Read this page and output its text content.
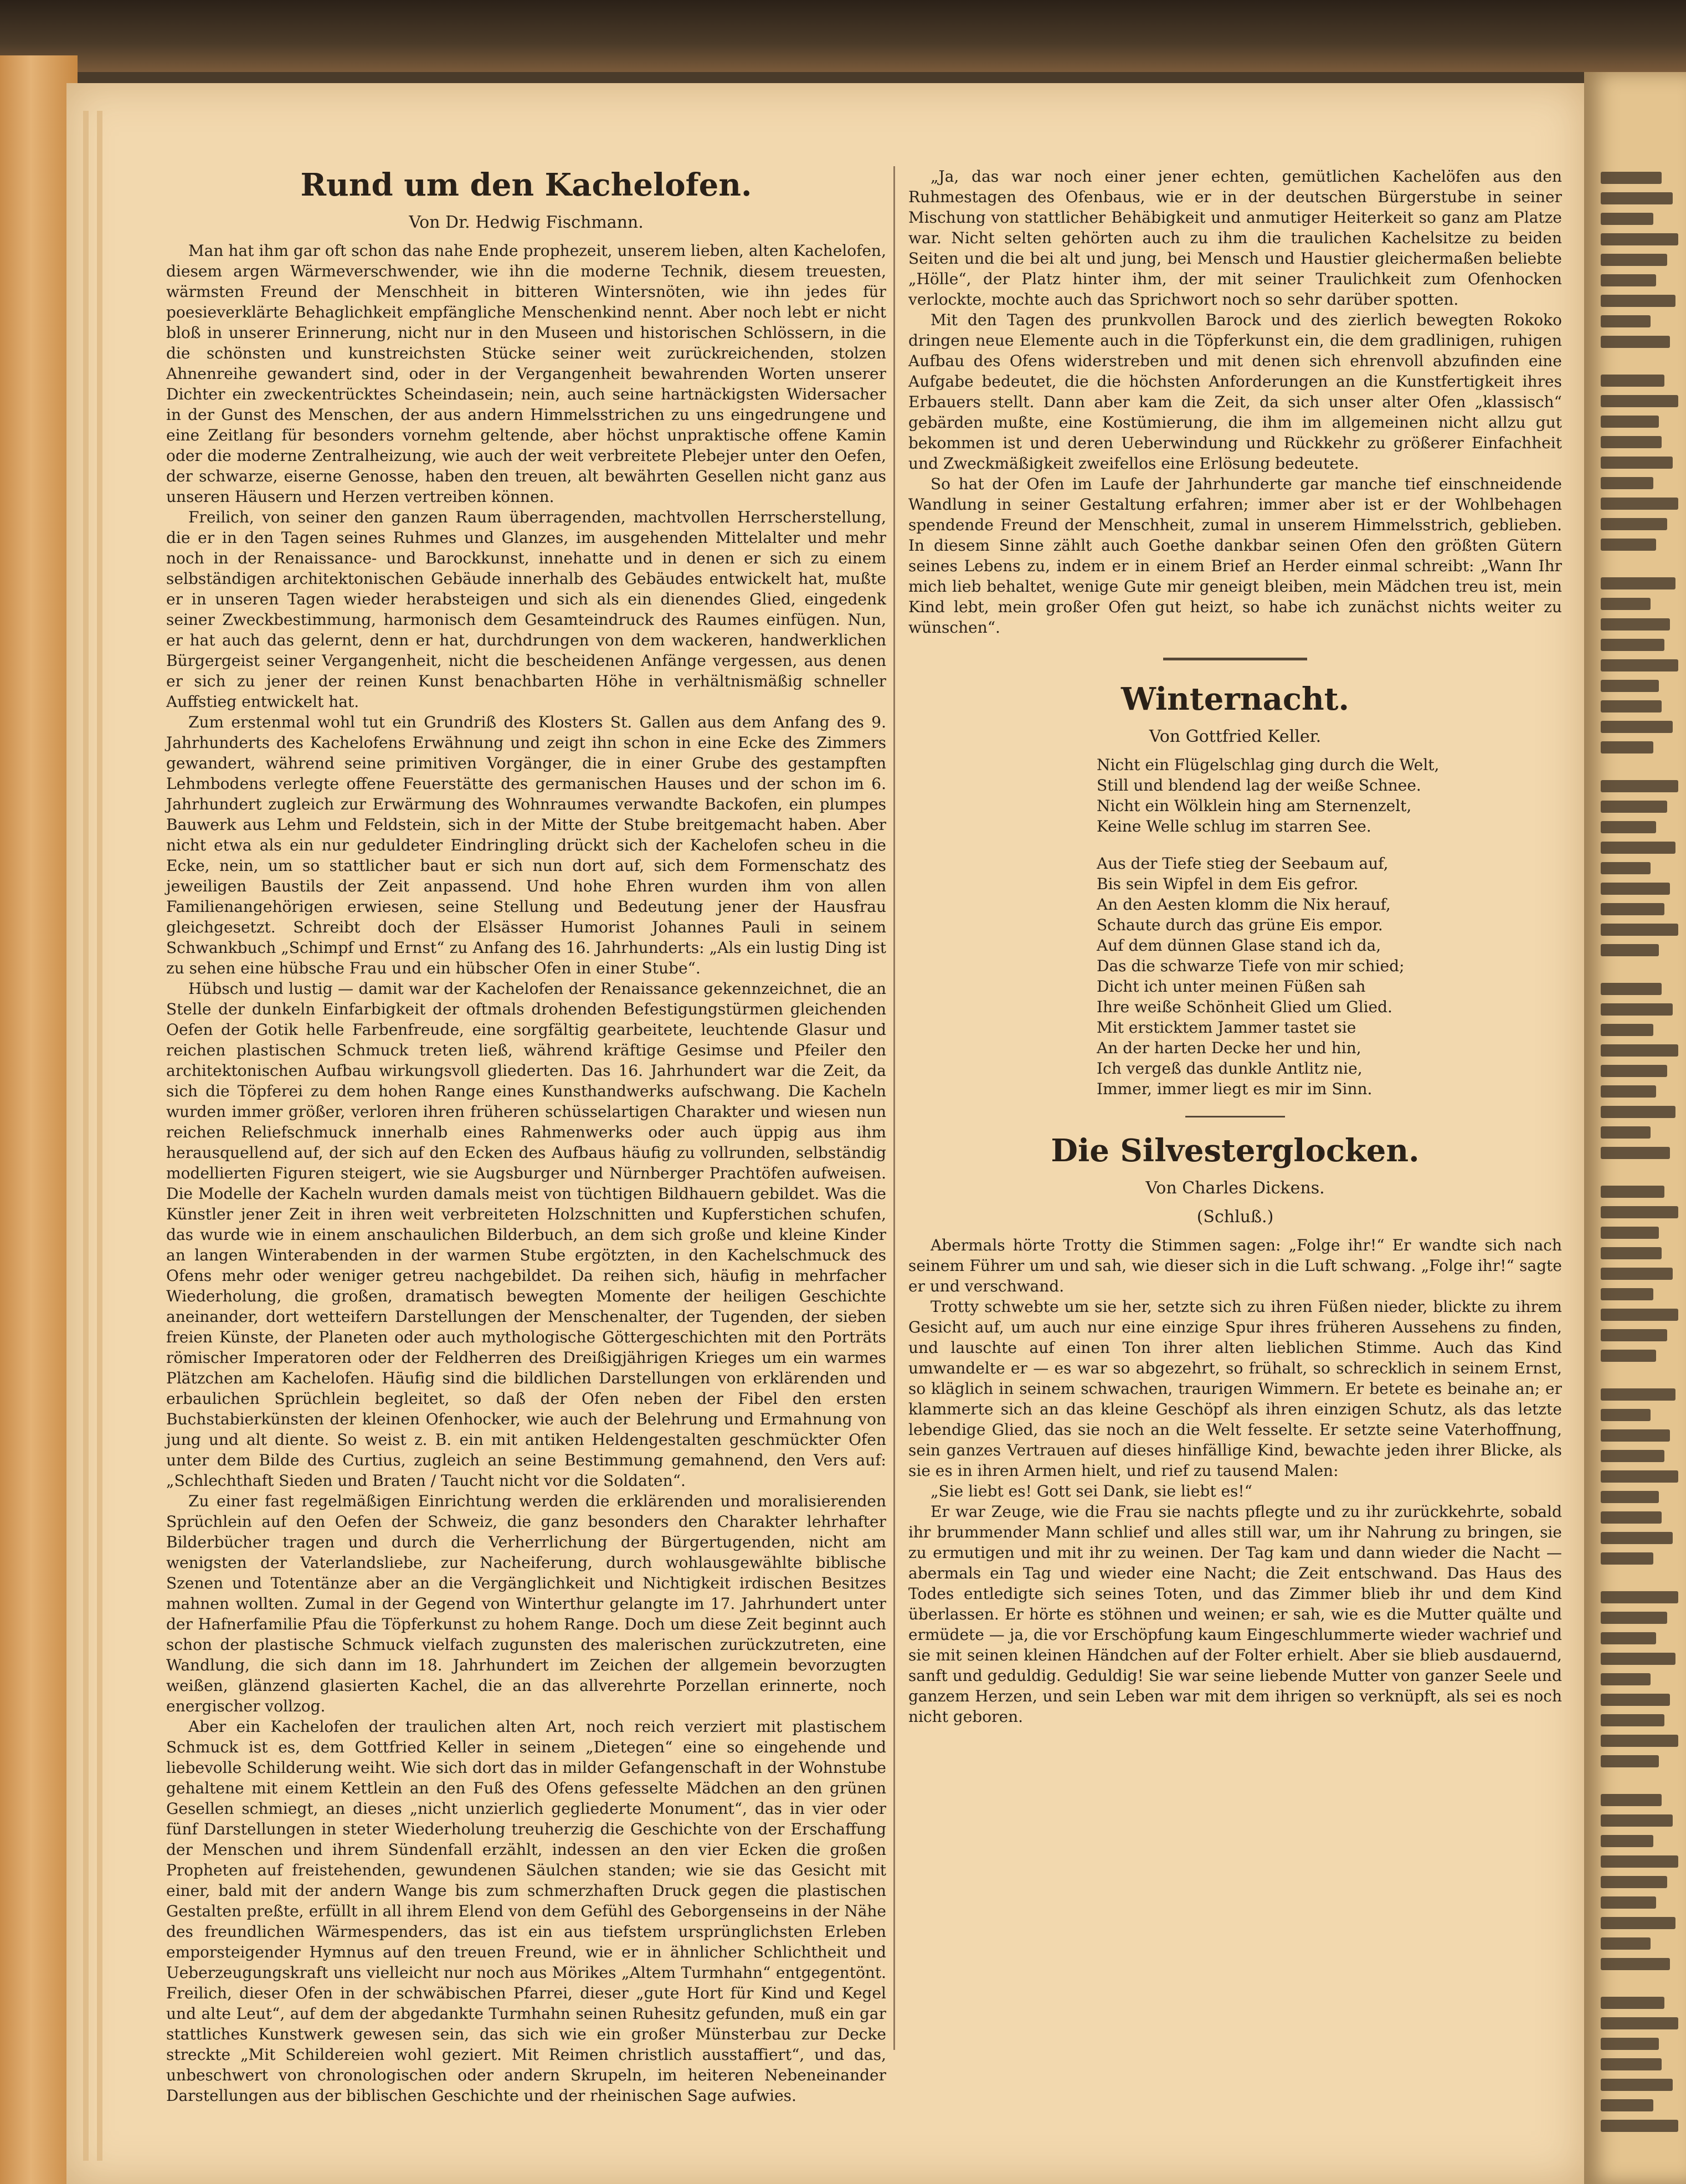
Rund um den Kachelofen.
Von Dr. Hedwig Fischmann.

Man hat ihm gar oft schon das nahe Ende prophezeit, unserem lieben, alten Kachelofen, diesem argen Wärmeverschwender, wie ihn die moderne Technik, diesem treuesten, wärmsten Freund der Menschheit in bitteren Wintersnöten, wie ihn jedes für poesieverklärte Behaglichkeit empfängliche Menschenkind nennt. Aber noch lebt er nicht bloß in unserer Erinnerung, nicht nur in den Museen und historischen Schlössern, in die die schönsten und kunstreichsten Stücke seiner weit zurückreichenden, stolzen Ahnenreihe gewandert sind, oder in der Vergangenheit bewahrenden Worten unserer Dichter ein zweckentrücktes Scheindasein; nein, auch seine hartnäckigsten Widersacher in der Gunst des Menschen, der aus andern Himmelsstrichen zu uns eingedrungene und eine Zeitlang für besonders vornehm geltende, aber höchst unpraktische offene Kamin oder die moderne Zentralheizung, wie auch der weit verbreitete Plebejer unter den Oefen, der schwarze, eiserne Genosse, haben den treuen, alt bewährten Gesellen nicht ganz aus unseren Häusern und Herzen vertreiben können.

Freilich, von seiner den ganzen Raum überragenden, machtvollen Herrscherstellung, die er in den Tagen seines Ruhmes und Glanzes, im ausgehenden Mittelalter und mehr noch in der Renaissance- und Barockkunst, innehatte und in denen er sich zu einem selbständigen architektonischen Gebäude innerhalb des Gebäudes entwickelt hat, mußte er in unseren Tagen wieder herabsteigen und sich als ein dienendes Glied, eingedenk seiner Zweckbestimmung, harmonisch dem Gesamteindruck des Raumes einfügen. Nun, er hat auch das gelernt, denn er hat, durchdrungen von dem wackeren, handwerklichen Bürgergeist seiner Vergangenheit, nicht die bescheidenen Anfänge vergessen, aus denen er sich zu jener der reinen Kunst benachbarten Höhe in verhältnismäßig schneller Auffstieg entwickelt hat.

Zum erstenmal wohl tut ein Grundriß des Klosters St. Gallen aus dem Anfang des 9. Jahrhunderts des Kachelofens Erwähnung und zeigt ihn schon in eine Ecke des Zimmers gewandert, während seine primitiven Vorgänger, die in einer Grube des gestampften Lehmbodens verlegte offene Feuerstätte des germanischen Hauses und der schon im 6. Jahrhundert zugleich zur Erwärmung des Wohnraumes verwandte Backofen, ein plumpes Bauwerk aus Lehm und Feldstein, sich in der Mitte der Stube breitgemacht haben. Aber nicht etwa als ein nur geduldeter Eindringling drückt sich der Kachelofen scheu in die Ecke, nein, um so stattlicher baut er sich nun dort auf, sich dem Formenschatz des jeweiligen Baustils der Zeit anpassend. Und hohe Ehren wurden ihm von allen Familienangehörigen erwiesen, seine Stellung und Bedeutung jener der Hausfrau gleichgesetzt. Schreibt doch der Elsässer Humorist Johannes Pauli in seinem Schwankbuch „Schimpf und Ernst“ zu Anfang des 16. Jahrhunderts: „Als ein lustig Ding ist zu sehen eine hübsche Frau und ein hübscher Ofen in einer Stube“.

Hübsch und lustig — damit war der Kachelofen der Renaissance gekennzeichnet, die an Stelle der dunkeln Einfarbigkeit der oftmals drohenden Befestigungstürmen gleichenden Oefen der Gotik helle Farbenfreude, eine sorgfältig gearbeitete, leuchtende Glasur und reichen plastischen Schmuck treten ließ, während kräftige Gesimse und Pfeiler den architektonischen Aufbau wirkungsvoll gliederten. Das 16. Jahrhundert war die Zeit, da sich die Töpferei zu dem hohen Range eines Kunsthandwerks aufschwang. Die Kacheln wurden immer größer, verloren ihren früheren schüsselartigen Charakter und wiesen nun reichen Reliefschmuck innerhalb eines Rahmenwerks oder auch üppig aus ihm herausquellend auf, der sich auf den Ecken des Aufbaus häufig zu vollrunden, selbständig modellierten Figuren steigert, wie sie Augsburger und Nürnberger Prachtöfen aufweisen. Die Modelle der Kacheln wurden damals meist von tüchtigen Bildhauern gebildet. Was die Künstler jener Zeit in ihren weit verbreiteten Holzschnitten und Kupferstichen schufen, das wurde wie in einem anschaulichen Bilderbuch, an dem sich große und kleine Kinder an langen Winterabenden in der warmen Stube ergötzten, in den Kachelschmuck des Ofens mehr oder weniger getreu nachgebildet. Da reihen sich, häufig in mehrfacher Wiederholung, die großen, dramatisch bewegten Momente der heiligen Geschichte aneinander, dort wetteifern Darstellungen der Menschenalter, der Tugenden, der sieben freien Künste, der Planeten oder auch mythologische Göttergeschichten mit den Porträts römischer Imperatoren oder der Feldherren des Dreißigjährigen Krieges um ein warmes Plätzchen am Kachelofen. Häufig sind die bildlichen Darstellungen von erklärenden und erbaulichen Sprüchlein begleitet, so daß der Ofen neben der Fibel den ersten Buchstabierkünsten der kleinen Ofenhocker, wie auch der Belehrung und Ermahnung von jung und alt diente. So weist z. B. ein mit antiken Heldengestalten geschmückter Ofen unter dem Bilde des Curtius, zugleich an seine Bestimmung gemahnend, den Vers auf: „Schlechthaft Sieden und Braten / Taucht nicht vor die Soldaten“.

Zu einer fast regelmäßigen Einrichtung werden die erklärenden und moralisierenden Sprüchlein auf den Oefen der Schweiz, die ganz besonders den Charakter lehrhafter Bilderbücher tragen und durch die Verherrlichung der Bürgertugenden, nicht am wenigsten der Vaterlandsliebe, zur Nacheiferung, durch wohlausgewählte biblische Szenen und Totentänze aber an die Vergänglichkeit und Nichtigkeit irdischen Besitzes mahnen wollten. Zumal in der Gegend von Winterthur gelangte im 17. Jahrhundert unter der Hafnerfamilie Pfau die Töpferkunst zu hohem Range. Doch um diese Zeit beginnt auch schon der plastische Schmuck vielfach zugunsten des malerischen zurückzutreten, eine Wandlung, die sich dann im 18. Jahrhundert im Zeichen der allgemein bevorzugten weißen, glänzend glasierten Kachel, die an das allverehrte Porzellan erinnerte, noch energischer vollzog.

Aber ein Kachelofen der traulichen alten Art, noch reich verziert mit plastischem Schmuck ist es, dem Gottfried Keller in seinem „Dietegen“ eine so eingehende und liebevolle Schilderung weiht. Wie sich dort das in milder Gefangenschaft in der Wohnstube gehaltene mit einem Kettlein an den Fuß des Ofens gefesselte Mädchen an den grünen Gesellen schmiegt, an dieses „nicht unzierlich gegliederte Monument“, das in vier oder fünf Darstellungen in steter Wiederholung treuherzig die Geschichte von der Erschaffung der Menschen und ihrem Sündenfall erzählt, indessen an den vier Ecken die großen Propheten auf freistehenden, gewundenen Säulchen standen; wie sie das Gesicht mit einer, bald mit der andern Wange bis zum schmerzhaften Druck gegen die plastischen Gestalten preßte, erfüllt in all ihrem Elend von dem Gefühl des Geborgenseins in der Nähe des freundlichen Wärmespenders, das ist ein aus tiefstem ursprünglichsten Erleben emporsteigender Hymnus auf den treuen Freund, wie er in ähnlicher Schlichtheit und Ueberzeugungskraft uns vielleicht nur noch aus Mörikes „Altem Turmhahn“ entgegentönt. Freilich, dieser Ofen in der schwäbischen Pfarrei, dieser „gute Hort für Kind und Kegel und alte Leut“, auf dem der abgedankte Turmhahn seinen Ruhesitz gefunden, muß ein gar stattliches Kunstwerk gewesen sein, das sich wie ein großer Münsterbau zur Decke streckte „Mit Schildereien wohl geziert. Mit Reimen christlich ausstaffiert“, und das, unbeschwert von chronologischen oder andern Skrupeln, im heiteren Nebeneinander Darstellungen aus der biblischen Geschichte und der rheinischen Sage aufwies.

„Ja, das war noch einer jener echten, gemütlichen Kachelöfen aus den Ruhmestagen des Ofenbaus, wie er in der deutschen Bürgerstube in seiner Mischung von stattlicher Behäbigkeit und anmutiger Heiterkeit so ganz am Platze war. Nicht selten gehörten auch zu ihm die traulichen Kachelsitze zu beiden Seiten und die bei alt und jung, bei Mensch und Haustier gleichermaßen beliebte „Hölle“, der Platz hinter ihm, der mit seiner Traulichkeit zum Ofenhocken verlockte, mochte auch das Sprichwort noch so sehr darüber spotten.

Mit den Tagen des prunkvollen Barock und des zierlich bewegten Rokoko dringen neue Elemente auch in die Töpferkunst ein, die dem gradlinigen, ruhigen Aufbau des Ofens widerstreben und mit denen sich ehrenvoll abzufinden eine Aufgabe bedeutet, die die höchsten Anforderungen an die Kunstfertigkeit ihres Erbauers stellt. Dann aber kam die Zeit, da sich unser alter Ofen „klassisch“ gebärden mußte, eine Kostümierung, die ihm im allgemeinen nicht allzu gut bekommen ist und deren Ueberwindung und Rückkehr zu größerer Einfachheit und Zweckmäßigkeit zweifellos eine Erlösung bedeutete.

So hat der Ofen im Laufe der Jahrhunderte gar manche tief einschneidende Wandlung in seiner Gestaltung erfahren; immer aber ist er der Wohlbehagen spendende Freund der Menschheit, zumal in unserem Himmelsstrich, geblieben. In diesem Sinne zählt auch Goethe dankbar seinen Ofen den größten Gütern seines Lebens zu, indem er in einem Brief an Herder einmal schreibt: „Wann Ihr mich lieb behaltet, wenige Gute mir geneigt bleiben, mein Mädchen treu ist, mein Kind lebt, mein großer Ofen gut heizt, so habe ich zunächst nichts weiter zu wünschen“.

Winternacht.
Von Gottfried Keller.

Nicht ein Flügelschlag ging durch die Welt,

Still und blendend lag der weiße Schnee.

Nicht ein Wölklein hing am Sternenzelt,

Keine Welle schlug im starren See.

Aus der Tiefe stieg der Seebaum auf,

Bis sein Wipfel in dem Eis gefror.

An den Aesten klomm die Nix herauf,

Schaute durch das grüne Eis empor.

Auf dem dünnen Glase stand ich da,

Das die schwarze Tiefe von mir schied;

Dicht ich unter meinen Füßen sah

Ihre weiße Schönheit Glied um Glied.

Mit ersticktem Jammer tastet sie

An der harten Decke her und hin,

Ich vergeß das dunkle Antlitz nie,

Immer, immer liegt es mir im Sinn.

Die Silvesterglocken.
Von Charles Dickens.
(Schluß.)

Abermals hörte Trotty die Stimmen sagen: „Folge ihr!“ Er wandte sich nach seinem Führer um und sah, wie dieser sich in die Luft schwang. „Folge ihr!“ sagte er und verschwand.

Trotty schwebte um sie her, setzte sich zu ihren Füßen nieder, blickte zu ihrem Gesicht auf, um auch nur eine einzige Spur ihres früheren Aussehens zu finden, und lauschte auf einen Ton ihrer alten lieblichen Stimme. Auch das Kind umwandelte er — es war so abgezehrt, so frühalt, so schrecklich in seinem Ernst, so kläglich in seinem schwachen, traurigen Wimmern. Er betete es beinahe an; er klammerte sich an das kleine Geschöpf als ihren einzigen Schutz, als das letzte lebendige Glied, das sie noch an die Welt fesselte. Er setzte seine Vaterhoffnung, sein ganzes Vertrauen auf dieses hinfällige Kind, bewachte jeden ihrer Blicke, als sie es in ihren Armen hielt, und rief zu tausend Malen:

„Sie liebt es! Gott sei Dank, sie liebt es!“

Er war Zeuge, wie die Frau sie nachts pflegte und zu ihr zurückkehrte, sobald ihr brummender Mann schlief und alles still war, um ihr Nahrung zu bringen, sie zu ermutigen und mit ihr zu weinen. Der Tag kam und dann wieder die Nacht — abermals ein Tag und wieder eine Nacht; die Zeit entschwand. Das Haus des Todes entledigte sich seines Toten, und das Zimmer blieb ihr und dem Kind überlassen. Er hörte es stöhnen und weinen; er sah, wie es die Mutter quälte und ermüdete — ja, die vor Erschöpfung kaum Eingeschlummerte wieder wachrief und sie mit seinen kleinen Händchen auf der Folter erhielt. Aber sie blieb ausdauernd, sanft und geduldig. Geduldig! Sie war seine liebende Mutter von ganzer Seele und ganzem Herzen, und sein Leben war mit dem ihrigen so verknüpft, als sei es noch nicht geboren.
